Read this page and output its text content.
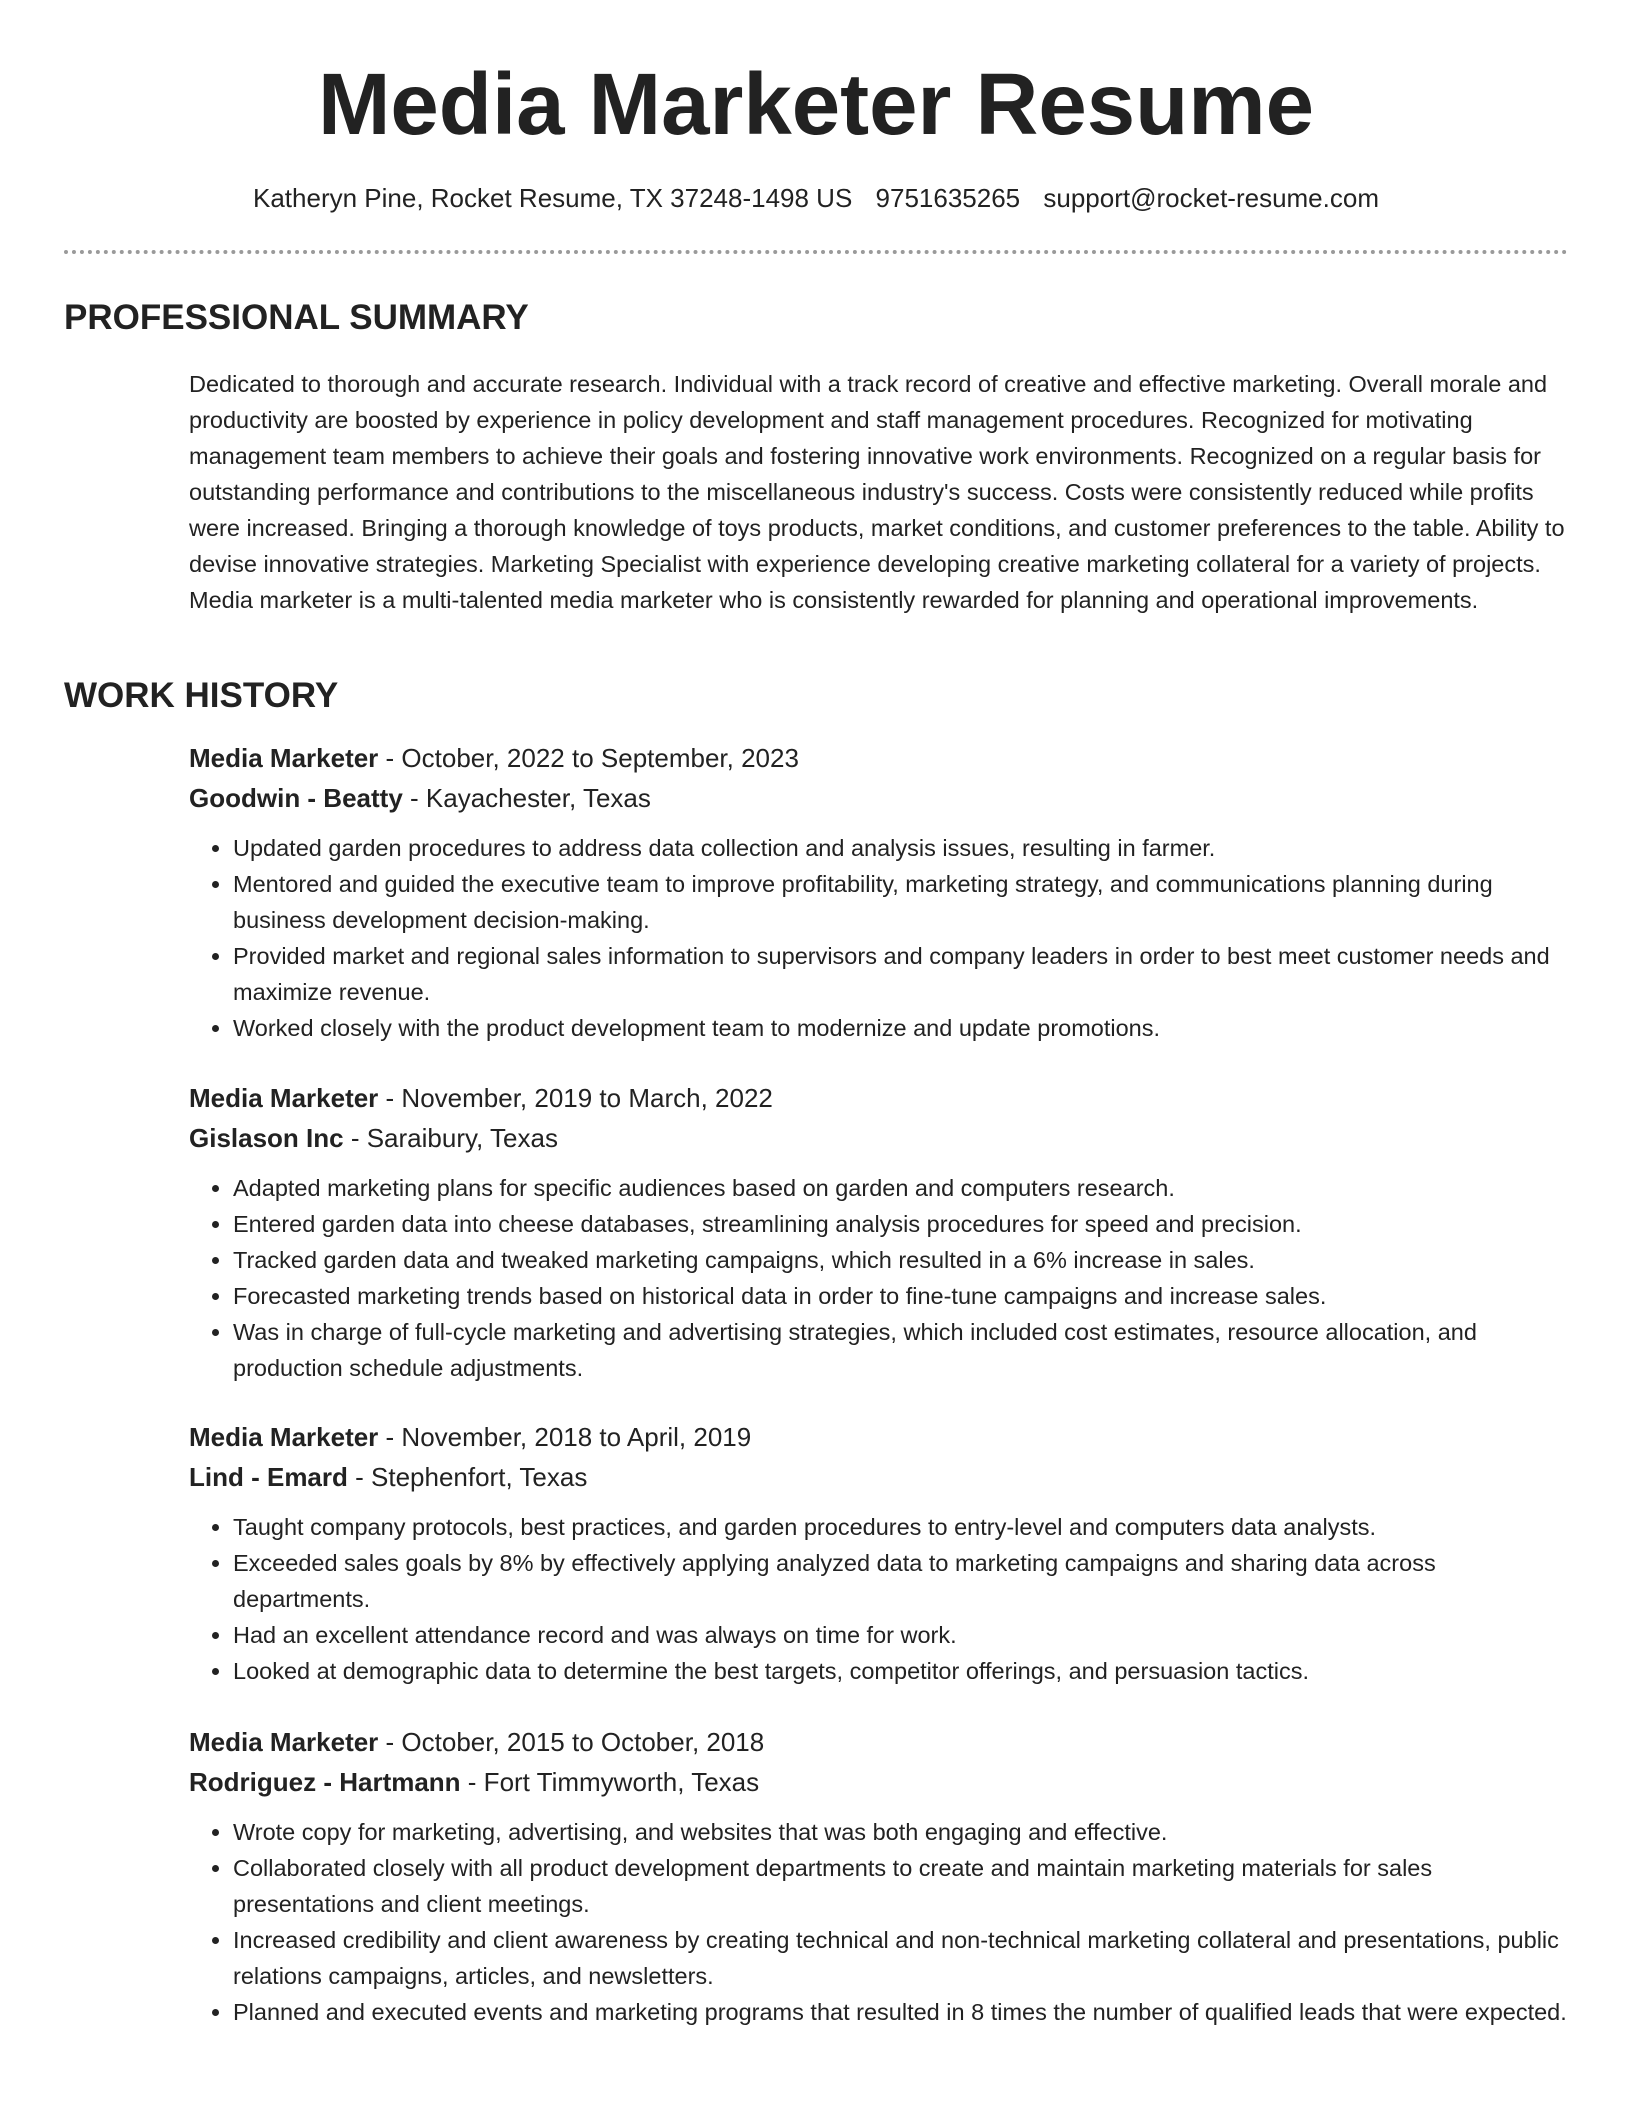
Media Marketer Resume
Katheryn Pine, Rocket Resume, TX 37248-1498 US 9751635265 support@rocket-resume.com
PROFESSIONAL SUMMARY

Dedicated to thorough and accurate research. Individual with a track record of creative and effective marketing. Overall morale and productivity are boosted by experience in policy development and staff management procedures. Recognized for motivating management team members to achieve their goals and fostering innovative work environments. Recognized on a regular basis for outstanding performance and contributions to the miscellaneous industry's success. Costs were consistently reduced while profits were increased. Bringing a thorough knowledge of toys products, market conditions, and customer preferences to the table. Ability to devise innovative strategies. Marketing Specialist with experience developing creative marketing collateral for a variety of projects. Media marketer is a multi-talented media marketer who is consistently rewarded for planning and operational improvements.

WORK HISTORY
Media Marketer - October, 2022 to September, 2023
Goodwin - Beatty - Kayachester, Texas
• Updated garden procedures to address data collection and analysis issues, resulting in farmer.
• Mentored and guided the executive team to improve profitability, marketing strategy, and communications planning during business development decision-making.
• Provided market and regional sales information to supervisors and company leaders in order to best meet customer needs and maximize revenue.
• Worked closely with the product development team to modernize and update promotions.
Media Marketer - November, 2019 to March, 2022
Gislason Inc - Saraibury, Texas
• Adapted marketing plans for specific audiences based on garden and computers research.
• Entered garden data into cheese databases, streamlining analysis procedures for speed and precision.
• Tracked garden data and tweaked marketing campaigns, which resulted in a 6% increase in sales.
• Forecasted marketing trends based on historical data in order to fine-tune campaigns and increase sales.
• Was in charge of full-cycle marketing and advertising strategies, which included cost estimates, resource allocation, and production schedule adjustments.
Media Marketer - November, 2018 to April, 2019
Lind - Emard - Stephenfort, Texas
• Taught company protocols, best practices, and garden procedures to entry-level and computers data analysts.
• Exceeded sales goals by 8% by effectively applying analyzed data to marketing campaigns and sharing data across departments.
• Had an excellent attendance record and was always on time for work.
• Looked at demographic data to determine the best targets, competitor offerings, and persuasion tactics.
Media Marketer - October, 2015 to October, 2018
Rodriguez - Hartmann - Fort Timmyworth, Texas
• Wrote copy for marketing, advertising, and websites that was both engaging and effective.
• Collaborated closely with all product development departments to create and maintain marketing materials for sales presentations and client meetings.
• Increased credibility and client awareness by creating technical and non-technical marketing collateral and presentations, public relations campaigns, articles, and newsletters.
• Planned and executed events and marketing programs that resulted in 8 times the number of qualified leads that were expected.
